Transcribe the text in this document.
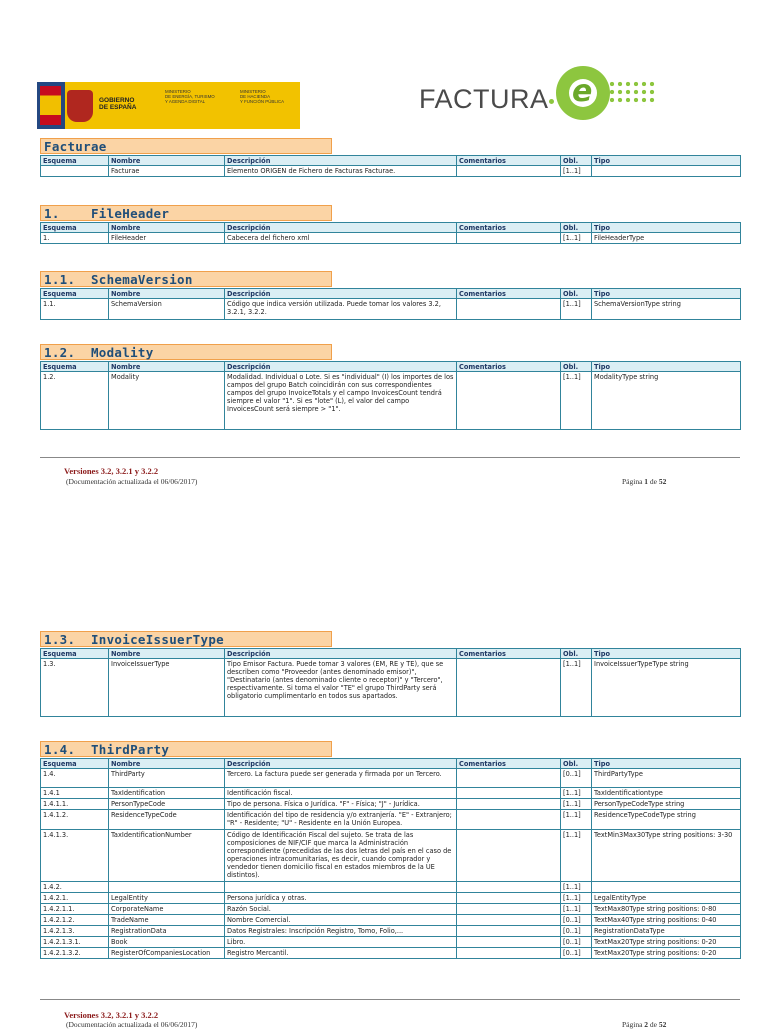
GOBIERNO
DE ESPAÑA
MINISTERIO
DE ENERGÍA, TURISMO
Y AGENDA DIGITAL
MINISTERIO
DE HACIENDA
Y FUNCIÓN PÚBLICA	FACTURA e
Facturae
Esquema	Nombre	Descripción	Comentarios	Obl.	Tipo
	Facturae	Elemento ORIGEN de Fichero de Facturas Facturae.		[1..1]	
1.    FileHeader
Esquema	Nombre	Descripción	Comentarios	Obl.	Tipo
1.	FileHeader	Cabecera del fichero xml		[1..1]	FileHeaderType
1.1.  SchemaVersion
Esquema	Nombre	Descripción	Comentarios	Obl.	Tipo
1.1.	SchemaVersion	Código que indica versión utilizada. Puede tomar los valores 3.2, 3.2.1, 3.2.2.		[1..1]	SchemaVersionType string
1.2.  Modality
Esquema	Nombre	Descripción	Comentarios	Obl.	Tipo
1.2.	Modality	Modalidad. Individual o Lote. Si es "individual" (I) los importes de los campos del grupo Batch coincidirán con sus correspondientes campos del grupo InvoiceTotals y el campo InvoicesCount tendrá siempre el valor "1". Si es "lote" (L), el valor del campo InvoicesCount será siempre > "1".		[1..1]	ModalityType string
1.3.  InvoiceIssuerType
Esquema	Nombre	Descripción	Comentarios	Obl.	Tipo
1.3.	InvoiceIssuerType	Tipo Emisor Factura. Puede tomar 3 valores (EM, RE y TE), que se describen como "Proveedor (antes denominado emisor)", "Destinatario (antes denominado cliente o receptor)" y "Tercero", respectivamente. Si toma el valor "TE" el grupo ThirdParty será obligatorio cumplimentarlo en todos sus apartados.		[1..1]	InvoiceIssuerTypeType string
1.4.  ThirdParty
Esquema	Nombre	Descripción	Comentarios	Obl.	Tipo
1.4.	ThirdParty	Tercero. La factura puede ser generada y firmada por un Tercero.		[0..1]	ThirdPartyType
1.4.1	TaxIdentification	Identificación fiscal.		[1..1]	TaxIdentificationtype
1.4.1.1.	PersonTypeCode	Tipo de persona. Física o Jurídica. "F" - Física; "J" - Jurídica.		[1..1]	PersonTypeCodeType string
1.4.1.2.	ResidenceTypeCode	Identificación del tipo de residencia y/o extranjería. "E" - Extranjero; "R" - Residente; "U" - Residente en la Unión Europea.		[1..1]	ResidenceTypeCodeType string
1.4.1.3.	TaxIdentificationNumber	Código de Identificación Fiscal del sujeto. Se trata de las composiciones de NIF/CIF que marca la Administración correspondiente (precedidas de las dos letras del país en el caso de operaciones intracomunitarias, es decir, cuando comprador y vendedor tienen domicilio fiscal en estados miembros de la UE distintos).		[1..1]	TextMin3Max30Type string positions: 3-30
1.4.2.				[1..1]	
1.4.2.1.	LegalEntity	Persona jurídica y otras.		[1..1]	LegalEntityType
1.4.2.1.1.	CorporateName	Razón Social.		[1..1]	TextMax80Type string positions: 0-80
1.4.2.1.2.	TradeName	Nombre Comercial.		[0..1]	TextMax40Type string positions: 0-40
1.4.2.1.3.	RegistrationData	Datos Registrales: Inscripción Registro, Tomo, Folio,...		[0..1]	RegistrationDataType
1.4.2.1.3.1.	Book	Libro.		[0..1]	TextMax20Type string positions: 0-20
1.4.2.1.3.2.	RegisterOfCompaniesLocation	Registro Mercantil.		[0..1]	TextMax20Type string positions: 0-20
Versiones 3.2, 3.2.1 y 3.2.2
(Documentación actualizada el 06/06/2017)	Página 1 de 52
Versiones 3.2, 3.2.1 y 3.2.2
(Documentación actualizada el 06/06/2017)	Página 2 de 52
